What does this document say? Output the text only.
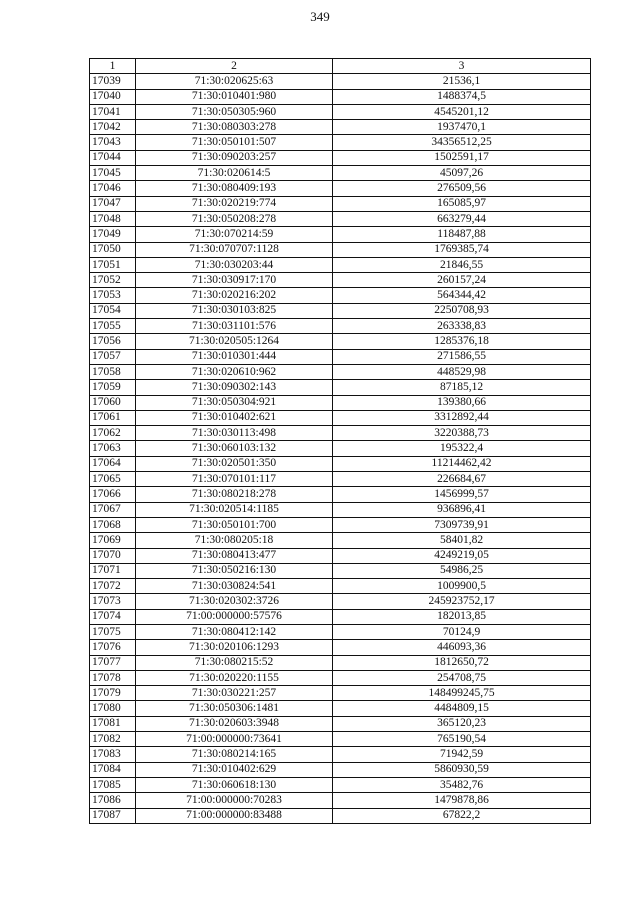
349
1	2	3
17039	71:30:020625:63	21536,1
17040	71:30:010401:980	1488374,5
17041	71:30:050305:960	4545201,12
17042	71:30:080303:278	1937470,1
17043	71:30:050101:507	34356512,25
17044	71:30:090203:257	1502591,17
17045	71:30:020614:5	45097,26
17046	71:30:080409:193	276509,56
17047	71:30:020219:774	165085,97
17048	71:30:050208:278	663279,44
17049	71:30:070214:59	118487,88
17050	71:30:070707:1128	1769385,74
17051	71:30:030203:44	21846,55
17052	71:30:030917:170	260157,24
17053	71:30:020216:202	564344,42
17054	71:30:030103:825	2250708,93
17055	71:30:031101:576	263338,83
17056	71:30:020505:1264	1285376,18
17057	71:30:010301:444	271586,55
17058	71:30:020610:962	448529,98
17059	71:30:090302:143	87185,12
17060	71:30:050304:921	139380,66
17061	71:30:010402:621	3312892,44
17062	71:30:030113:498	3220388,73
17063	71:30:060103:132	195322,4
17064	71:30:020501:350	11214462,42
17065	71:30:070101:117	226684,67
17066	71:30:080218:278	1456999,57
17067	71:30:020514:1185	936896,41
17068	71:30:050101:700	7309739,91
17069	71:30:080205:18	58401,82
17070	71:30:080413:477	4249219,05
17071	71:30:050216:130	54986,25
17072	71:30:030824:541	1009900,5
17073	71:30:020302:3726	245923752,17
17074	71:00:000000:57576	182013,85
17075	71:30:080412:142	70124,9
17076	71:30:020106:1293	446093,36
17077	71:30:080215:52	1812650,72
17078	71:30:020220:1155	254708,75
17079	71:30:030221:257	148499245,75
17080	71:30:050306:1481	4484809,15
17081	71:30:020603:3948	365120,23
17082	71:00:000000:73641	765190,54
17083	71:30:080214:165	71942,59
17084	71:30:010402:629	5860930,59
17085	71:30:060618:130	35482,76
17086	71:00:000000:70283	1479878,86
17087	71:00:000000:83488	67822,2
